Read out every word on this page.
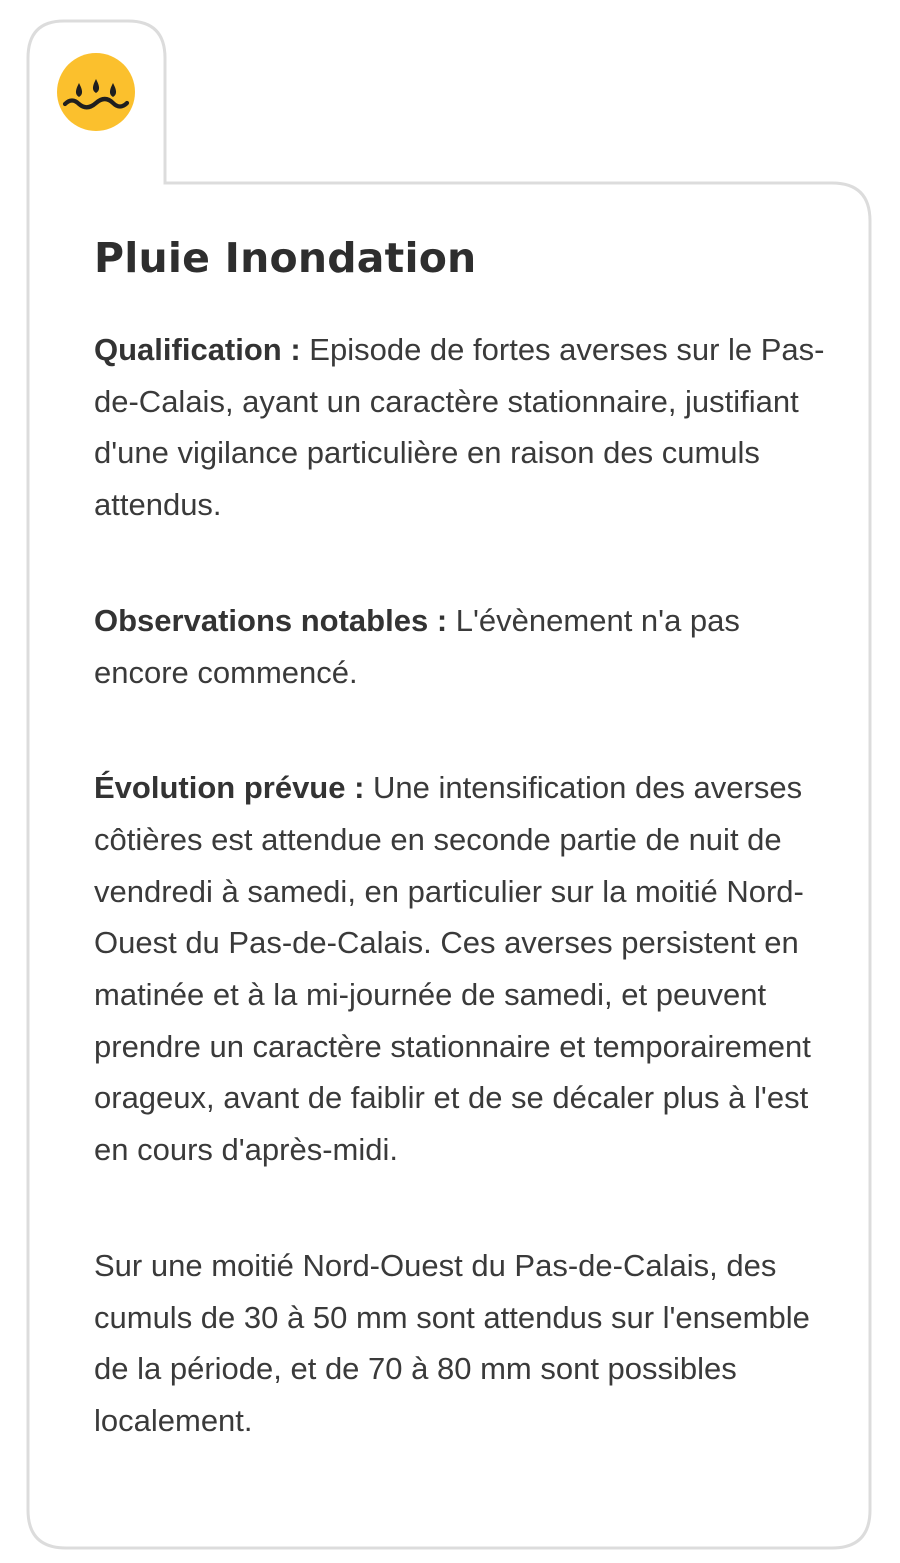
Pluie Inondation

Qualification : Episode de fortes averses sur le Pas-de-Calais, ayant un caractère stationnaire, justifiant d'une vigilance particulière en raison des cumuls attendus.

Observations notables : L'évènement n'a pas encore commencé.

Évolution prévue : Une intensification des averses côtières est attendue en seconde partie de nuit de vendredi à samedi, en particulier sur la moitié Nord-Ouest du Pas-de-Calais. Ces averses persistent en matinée et à la mi-journée de samedi, et peuvent prendre un caractère stationnaire et temporairement orageux, avant de faiblir et de se décaler plus à l'est en cours d'après-midi.

Sur une moitié Nord-Ouest du Pas-de-Calais, des cumuls de 30 à 50 mm sont attendus sur l'ensemble de la période, et de 70 à 80 mm sont possibles localement.
